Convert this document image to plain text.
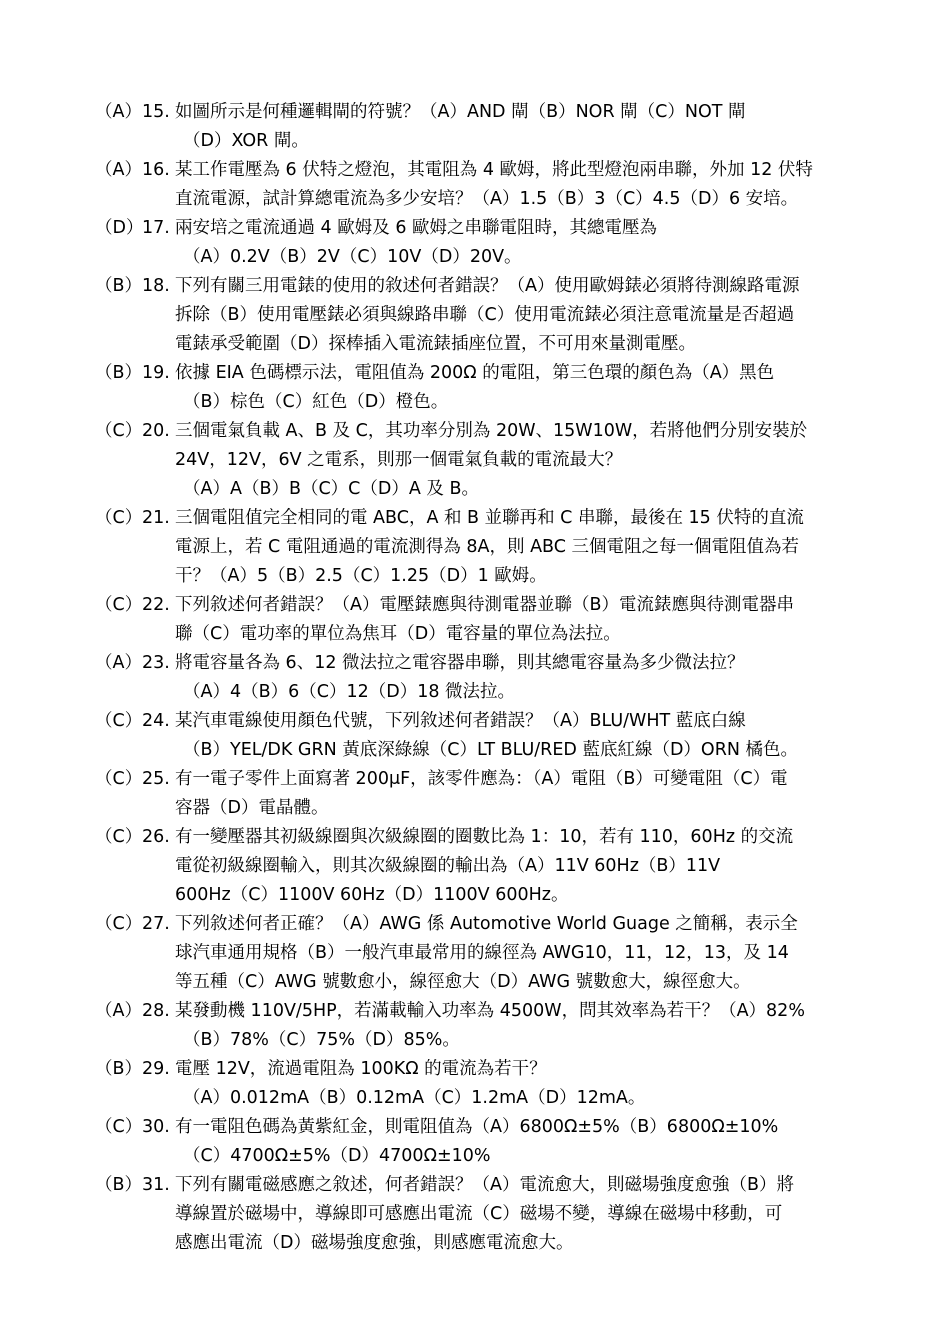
（A） 15. 如圖所示是何種邏輯閘的符號？（A）AND 閘（B）NOR 閘（C）NOT 閘
（D）XOR 閘。
（A） 16. 某工作電壓為 6 伏特之燈泡，其電阻為 4 歐姆，將此型燈泡兩串聯，外加 12 伏特
直流電源，試計算總電流為多少安培？（A）1.5（B）3（C）4.5（D）6 安培。
（D）
17. 兩安培之電流通過 4 歐姆及 6 歐姆之串聯電阻時，其總電壓為
（A）0.2V（B）2V（C）10V（D）20V。
（B） 18. 下列有關三用電錶的使用的敘述何者錯誤？（A）使用歐姆錶必須將待測線路電源
拆除（B）使用電壓錶必須與線路串聯（C）使用電流錶必須注意電流量是否超過
電錶承受範圍（D）探棒插入電流錶插座位置，不可用來量測電壓。
（B） 19. 依據 EIA 色碼標示法，電阻值為 200Ω 的電阻，第三色環的顏色為（A）黑色
（B）棕色（C）紅色（D）橙色。
（C） 20. 三個電氣負載 A、B 及 C，其功率分別為 20W、15W10W，若將他們分別安裝於
24V，12V，6V 之電系，則那一個電氣負載的電流最大？
（A）A（B）B（C）C（D）A 及 B。
（C） 21. 三個電阻值完全相同的電 ABC，A 和 B 並聯再和 C 串聯，最後在 15 伏特的直流
電源上，若 C 電阻通過的電流測得為 8A，則 ABC 三個電阻之每一個電阻值為若
干？（A）5（B）2.5（C）1.25（D）1 歐姆。
（C） 22. 下列敘述何者錯誤？（A）電壓錶應與待測電器並聯（B）電流錶應與待測電器串
聯（C）電功率的單位為焦耳（D）電容量的單位為法拉。
（A） 23. 將電容量各為 6、12 微法拉之電容器串聯，則其總電容量為多少微法拉？
（A）4（B）6（C）12（D）18 微法拉。
（C） 24. 某汽車電線使用顏色代號，下列敘述何者錯誤？（A）BLU/WHT 藍底白線
（B）YEL/DK GRN 黃底深綠線（C）LT BLU/RED 藍底紅線（D）ORN 橘色。
（C） 25. 有一電子零件上面寫著 200μF，該零件應為：（A）電阻（B）可變電阻（C）電
容器（D）電晶體。
（C） 26. 有一變壓器其初級線圈與次級線圈的圈數比為 1：10，若有 110，60Hz 的交流
電從初級線圈輸入，則其次級線圈的輸出為（A）11V 60Hz（B）11V
600Hz（C）1100V 60Hz（D）1100V 600Hz。
（C） 27. 下列敘述何者正確？（A）AWG 係 Automotive World Guage 之簡稱，表示全
球汽車通用規格（B）一般汽車最常用的線徑為 AWG10，11，12，13，及 14
等五種（C）AWG 號數愈小，線徑愈大（D）AWG 號數愈大，線徑愈大。
（A） 28. 某發動機 110V/5HP，若滿載輸入功率為 4500W，問其效率為若干？（A）82%
（B）78%（C）75%（D）85%。
（B） 29. 電壓 12V，流過電阻為 100KΩ 的電流為若干？
（A）0.012mA（B）0.12mA（C）1.2mA（D）12mA。
（C） 30. 有一電阻色碼為黃紫紅金，則電阻值為（A）6800Ω±5%（B）6800Ω±10%
（C）4700Ω±5%（D）4700Ω±10%
（B） 31. 下列有關電磁感應之敘述，何者錯誤？（A）電流愈大，則磁場強度愈強（B）將
導線置於磁場中，導線即可感應出電流（C）磁場不變，導線在磁場中移動，可
感應出電流（D）磁場強度愈強，則感應電流愈大。
